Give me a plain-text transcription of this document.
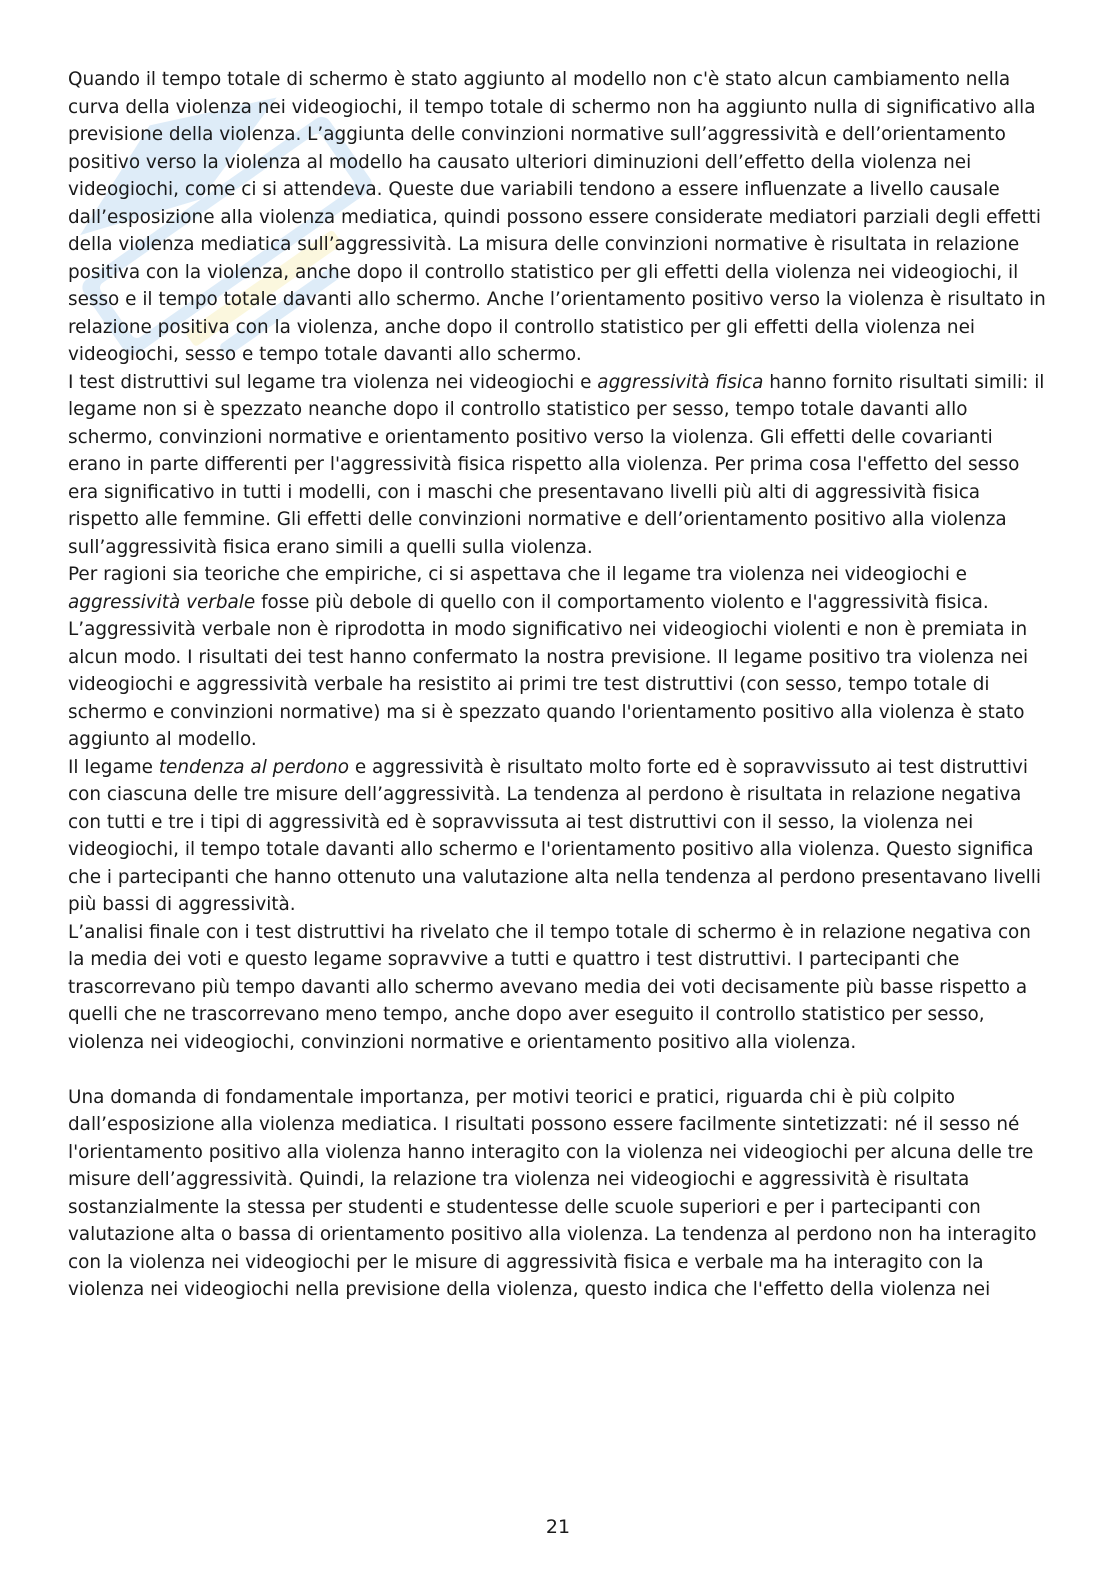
Quando il tempo totale di schermo è stato aggiunto al modello non c'è stato alcun cambiamento nella curva della violenza nei videogiochi, il tempo totale di schermo non ha aggiunto nulla di significativo alla previsione della violenza. L’aggiunta delle convinzioni normative sull’aggressività e dell’orientamento positivo verso la violenza al modello ha causato ulteriori diminuzioni dell’effetto della violenza nei videogiochi, come ci si attendeva. Queste due variabili tendono a essere influenzate a livello causale dall’esposizione alla violenza mediatica, quindi possono essere considerate mediatori parziali degli effetti della violenza mediatica sull’aggressività. La misura delle convinzioni normative è risultata in relazione positiva con la violenza, anche dopo il controllo statistico per gli effetti della violenza nei videogiochi, il sesso e il tempo totale davanti allo schermo. Anche l’orientamento positivo verso la violenza è risultato in relazione positiva con la violenza, anche dopo il controllo statistico per gli effetti della violenza nei videogiochi, sesso e tempo totale davanti allo schermo.

I test distruttivi sul legame tra violenza nei videogiochi e aggressività fisica hanno fornito risultati simili: il legame non si è spezzato neanche dopo il controllo statistico per sesso, tempo totale davanti allo schermo, convinzioni normative e orientamento positivo verso la violenza. Gli effetti delle covarianti erano in parte differenti per l'aggressività fisica rispetto alla violenza. Per prima cosa l'effetto del sesso era significativo in tutti i modelli, con i maschi che presentavano livelli più alti di aggressività fisica rispetto alle femmine. Gli effetti delle convinzioni normative e dell’orientamento positivo alla violenza sull’aggressività fisica erano simili a quelli sulla violenza.

Per ragioni sia teoriche che empiriche, ci si aspettava che il legame tra violenza nei videogiochi e aggressività verbale fosse più debole di quello con il comportamento violento e l'aggressività fisica. L’aggressività verbale non è riprodotta in modo significativo nei videogiochi violenti e non è premiata in alcun modo. I risultati dei test hanno confermato la nostra previsione. Il legame positivo tra violenza nei videogiochi e aggressività verbale ha resistito ai primi tre test distruttivi (con sesso, tempo totale di schermo e convinzioni normative) ma si è spezzato quando l'orientamento positivo alla violenza è stato aggiunto al modello.

Il legame tendenza al perdono e aggressività è risultato molto forte ed è sopravvissuto ai test distruttivi con ciascuna delle tre misure dell’aggressività. La tendenza al perdono è risultata in relazione negativa con tutti e tre i tipi di aggressività ed è sopravvissuta ai test distruttivi con il sesso, la violenza nei videogiochi, il tempo totale davanti allo schermo e l'orientamento positivo alla violenza. Questo significa che i partecipanti che hanno ottenuto una valutazione alta nella tendenza al perdono presentavano livelli più bassi di aggressività.

L’analisi finale con i test distruttivi ha rivelato che il tempo totale di schermo è in relazione negativa con la media dei voti e questo legame sopravvive a tutti e quattro i test distruttivi. I partecipanti che trascorrevano più tempo davanti allo schermo avevano media dei voti decisamente più basse rispetto a quelli che ne trascorrevano meno tempo, anche dopo aver eseguito il controllo statistico per sesso, violenza nei videogiochi, convinzioni normative e orientamento positivo alla violenza.

Una domanda di fondamentale importanza, per motivi teorici e pratici, riguarda chi è più colpito dall’esposizione alla violenza mediatica. I risultati possono essere facilmente sintetizzati: né il sesso né l'orientamento positivo alla violenza hanno interagito con la violenza nei videogiochi per alcuna delle tre misure dell’aggressività. Quindi, la relazione tra violenza nei videogiochi e aggressività è risultata sostanzialmente la stessa per studenti e studentesse delle scuole superiori e per i partecipanti con valutazione alta o bassa di orientamento positivo alla violenza. La tendenza al perdono non ha interagito con la violenza nei videogiochi per le misure di aggressività fisica e verbale ma ha interagito con la violenza nei videogiochi nella previsione della violenza, questo indica che l'effetto della violenza nei

21
